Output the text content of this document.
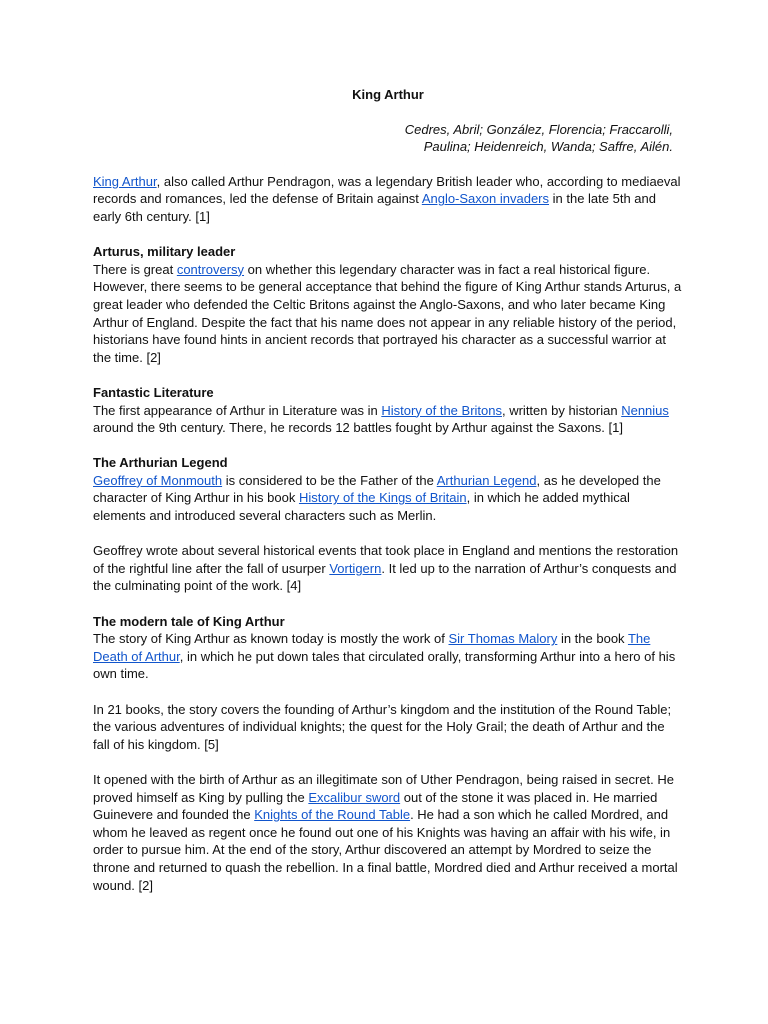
King Arthur
Cedres, Abril; González, Florencia; Fraccarolli, Paulina; Heidenreich, Wanda; Saffre, Ailén.

King Arthur, also called Arthur Pendragon, was a legendary British leader who, according to mediaeval records and romances, led the defense of Britain against Anglo-Saxon invaders in the late 5th and early 6th century. [1]

Arturus, military leader

There is great controversy on whether this legendary character was in fact a real historical figure. However, there seems to be general acceptance that behind the figure of King Arthur stands Arturus, a great leader who defended the Celtic Britons against the Anglo-Saxons, and who later became King Arthur of England. Despite the fact that his name does not appear in any reliable history of the period, historians have found hints in ancient records that portrayed his character as a successful warrior at the time. [2]

Fantastic Literature

The first appearance of Arthur in Literature was in History of the Britons, written by historian Nennius around the 9th century. There, he records 12 battles fought by Arthur against the Saxons. [1]

The Arthurian Legend

Geoffrey of Monmouth is considered to be the Father of the Arthurian Legend, as he developed the character of King Arthur in his book History of the Kings of Britain, in which he added mythical elements and introduced several characters such as Merlin.

Geoffrey wrote about several historical events that took place in England and mentions the restoration of the rightful line after the fall of usurper Vortigern. It led up to the narration of Arthur’s conquests and the culminating point of the work. [4]

The modern tale of King Arthur

The story of King Arthur as known today is mostly the work of Sir Thomas Malory in the book The Death of Arthur, in which he put down tales that circulated orally, transforming Arthur into a hero of his own time.

In 21 books, the story covers the founding of Arthur’s kingdom and the institution of the Round Table; the various adventures of individual knights; the quest for the Holy Grail; the death of Arthur and the fall of his kingdom. [5]

It opened with the birth of Arthur as an illegitimate son of Uther Pendragon, being raised in secret. He proved himself as King by pulling the Excalibur sword out of the stone it was placed in. He married Guinevere and founded the Knights of the Round Table. He had a son which he called Mordred, and whom he leaved as regent once he found out one of his Knights was having an affair with his wife, in order to pursue him. At the end of the story, Arthur discovered an attempt by Mordred to seize the throne and returned to quash the rebellion. In a final battle, Mordred died and Arthur received a mortal wound. [2]
